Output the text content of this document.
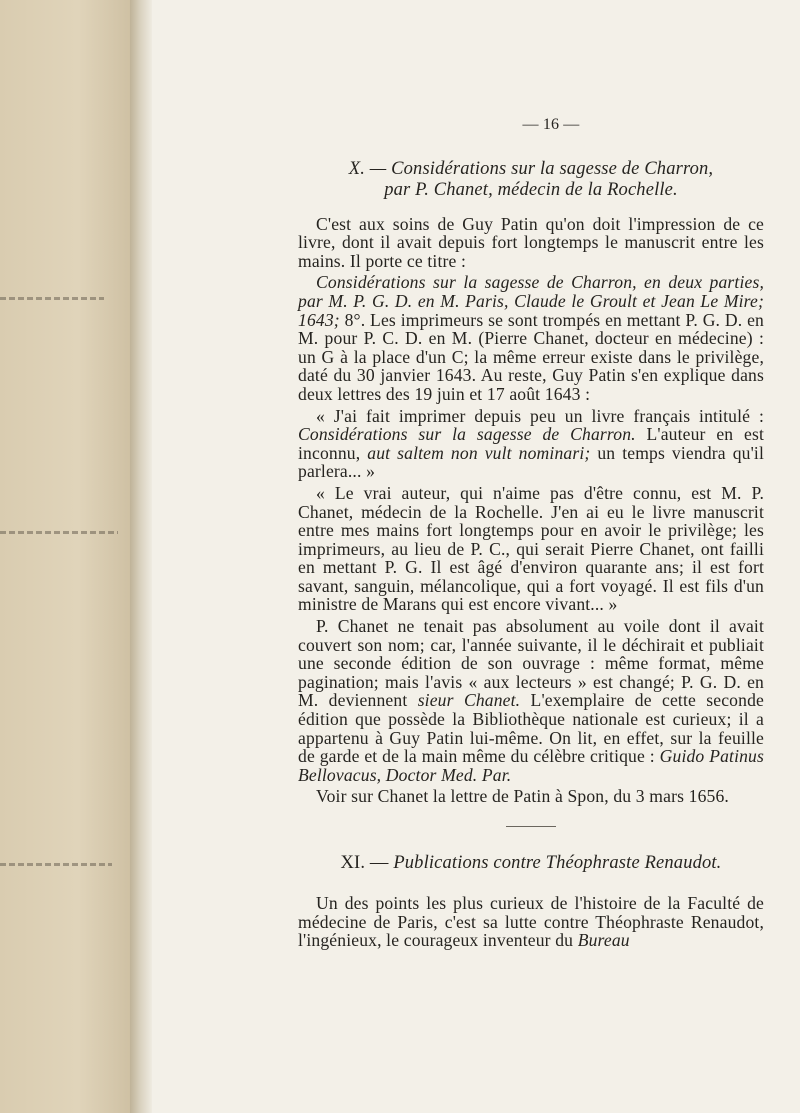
— 16 —
X. — Considérations sur la sagesse de Charron,
par P. Chanet, médecin de la Rochelle.

C'est aux soins de Guy Patin qu'on doit l'impression de ce livre, dont il avait depuis fort longtemps le manuscrit entre les mains. Il porte ce titre :

Considérations sur la sagesse de Charron, en deux parties, par M. P. G. D. en M. Paris, Claude le Groult et Jean Le Mire; 1643; 8°. Les imprimeurs se sont trompés en mettant P. G. D. en M. pour P. C. D. en M. (Pierre Chanet, docteur en médecine) : un G à la place d'un C; la même erreur existe dans le privilège, daté du 30 janvier 1643. Au reste, Guy Patin s'en explique dans deux lettres des 19 juin et 17 août 1643 :

« J'ai fait imprimer depuis peu un livre français intitulé : Considérations sur la sagesse de Charron. L'auteur en est inconnu, aut saltem non vult nominari; un temps viendra qu'il parlera... »

« Le vrai auteur, qui n'aime pas d'être connu, est M. P. Chanet, médecin de la Rochelle. J'en ai eu le livre manuscrit entre mes mains fort longtemps pour en avoir le privilège; les imprimeurs, au lieu de P. C., qui serait Pierre Chanet, ont failli en mettant P. G. Il est âgé d'environ quarante ans; il est fort savant, sanguin, mélancolique, qui a fort voyagé. Il est fils d'un ministre de Marans qui est encore vivant... »

P. Chanet ne tenait pas absolument au voile dont il avait couvert son nom; car, l'année suivante, il le déchirait et publiait une seconde édition de son ouvrage : même format, même pagination; mais l'avis « aux lecteurs » est changé; P. G. D. en M. deviennent sieur Chanet. L'exemplaire de cette seconde édition que possède la Bibliothèque nationale est curieux; il a appartenu à Guy Patin lui-même. On lit, en effet, sur la feuille de garde et de la main même du célèbre critique : Guido Patinus Bellovacus, Doctor Med. Par.

Voir sur Chanet la lettre de Patin à Spon, du 3 mars 1656.

XI. — Publications contre Théophraste Renaudot.

Un des points les plus curieux de l'histoire de la Faculté de médecine de Paris, c'est sa lutte contre Théophraste Renaudot, l'ingénieux, le courageux inventeur du Bureau
